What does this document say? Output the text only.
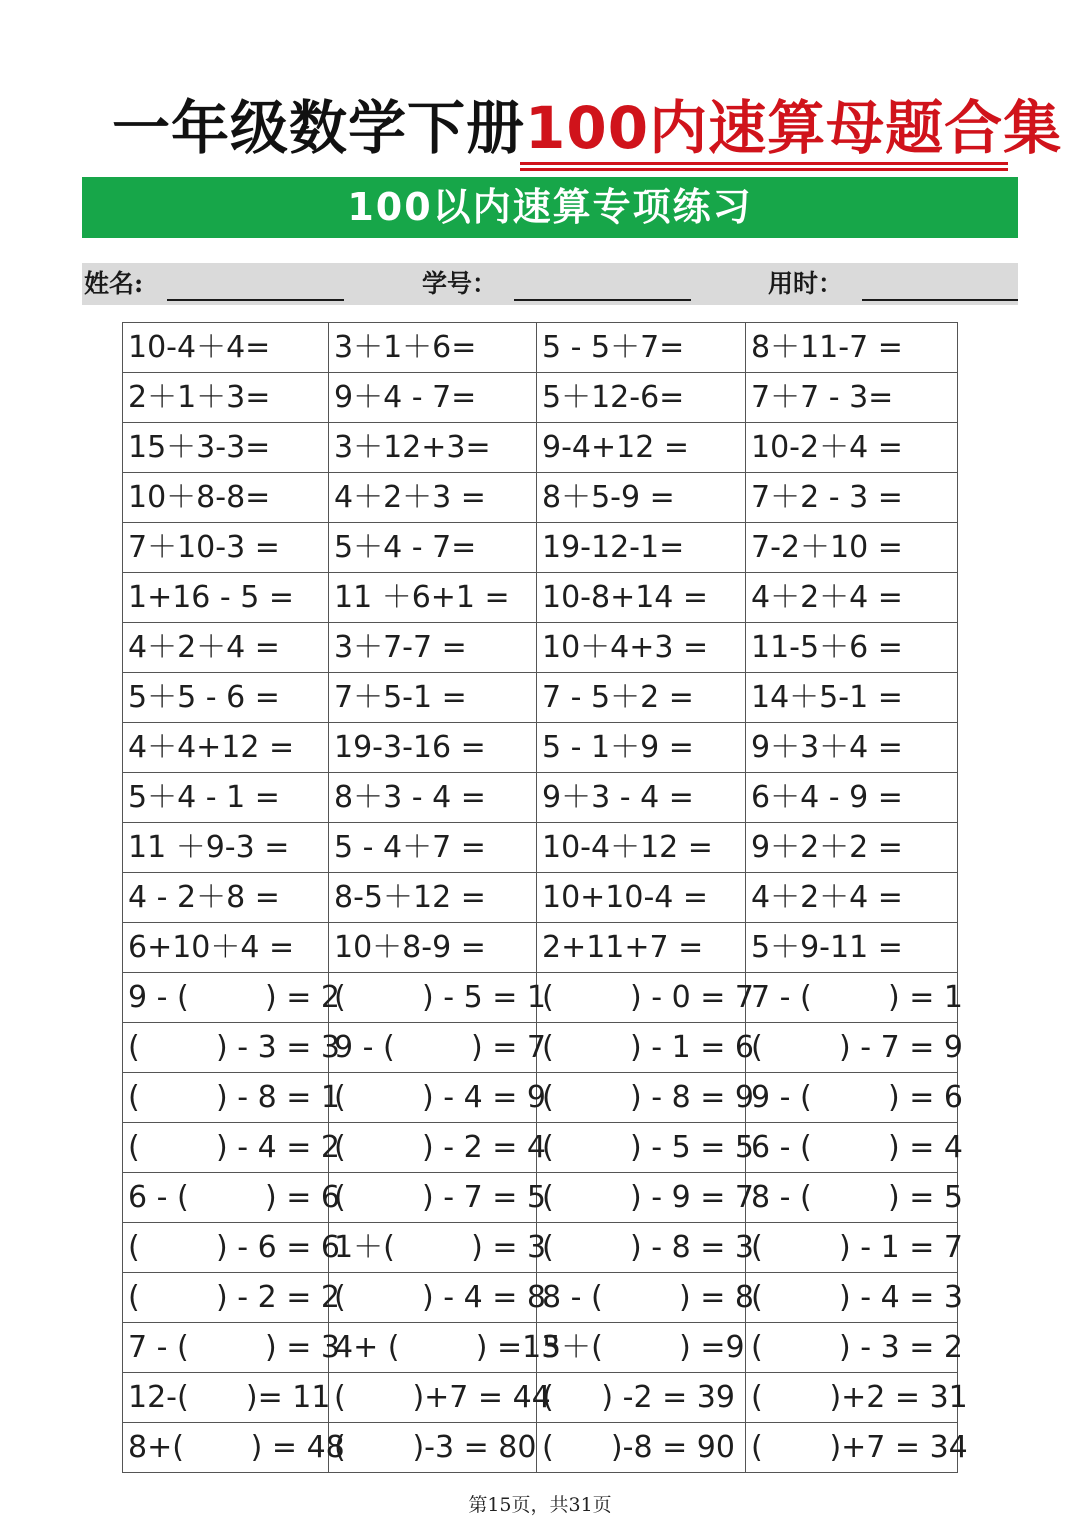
一年级数学下册100内速算母题合集
100以内速算专项练习
姓名:	学号：	用时：
10-4＋4=	3＋1＋6=	5 - 5＋7=	8＋11-7 =
2＋1＋3=	9＋4 - 7=	5＋12-6=	7＋7 - 3=
15＋3-3=	3＋12+3=	9-4+12 =	10-2＋4 =
10＋8-8=	4＋2＋3 =	8＋5-9 =	7＋2 - 3 =
7＋10-3 =	5＋4 - 7=	19-12-1=	7-2＋10 =
1+16 - 5 =	11 ＋6+1 =	10-8+14 =	4＋2＋4 =
4＋2＋4 =	3＋7-7 =	10＋4+3 =	11-5＋6 =
5＋5 - 6 =	7＋5-1 =	7 - 5＋2 =	14＋5-1 =
4＋4+12 =	19-3-16 =	5 - 1＋9 =	9＋3＋4 =
5＋4 - 1 =	8＋3 - 4 =	9＋3 - 4 =	6＋4 - 9 =
11 ＋9-3 =	5 - 4＋7 =	10-4＋12 =	9＋2＋2 =
4 - 2＋8 =	8-5＋12 =	10+10-4 =	4＋2＋4 =
6+10＋4 =	10＋8-9 =	2+11+7 =	5＋9-11 =
9 - (        ) = 2	(        ) - 5 = 1	(        ) - 0 = 7	7 - (        ) = 1
(        ) - 3 = 3	9 - (        ) = 7	(        ) - 1 = 6	(        ) - 7 = 9
(        ) - 8 = 1	(        ) - 4 = 9	(        ) - 8 = 9	9 - (        ) = 6
(        ) - 4 = 2	(        ) - 2 = 4	(        ) - 5 = 5	6 - (        ) = 4
6 - (        ) = 6	(        ) - 7 = 5	(        ) - 9 = 7	8 - (        ) = 5
(        ) - 6 = 6	1＋(        ) = 3	(        ) - 8 = 3	(        ) - 1 = 7
(        ) - 2 = 2	(        ) - 4 = 8	8 - (        ) = 8	(        ) - 4 = 3
7 - (        ) = 3	4+ (        ) =13	5＋(        ) =9	(        ) - 3 = 2
12-(      )= 11	(       )+7 = 44	(     ) -2 = 39	(       )+2 = 31
8+(       ) = 48	(       )-3 = 80	(      )-8 = 90	(       )+7 = 34
第15页，共31页
